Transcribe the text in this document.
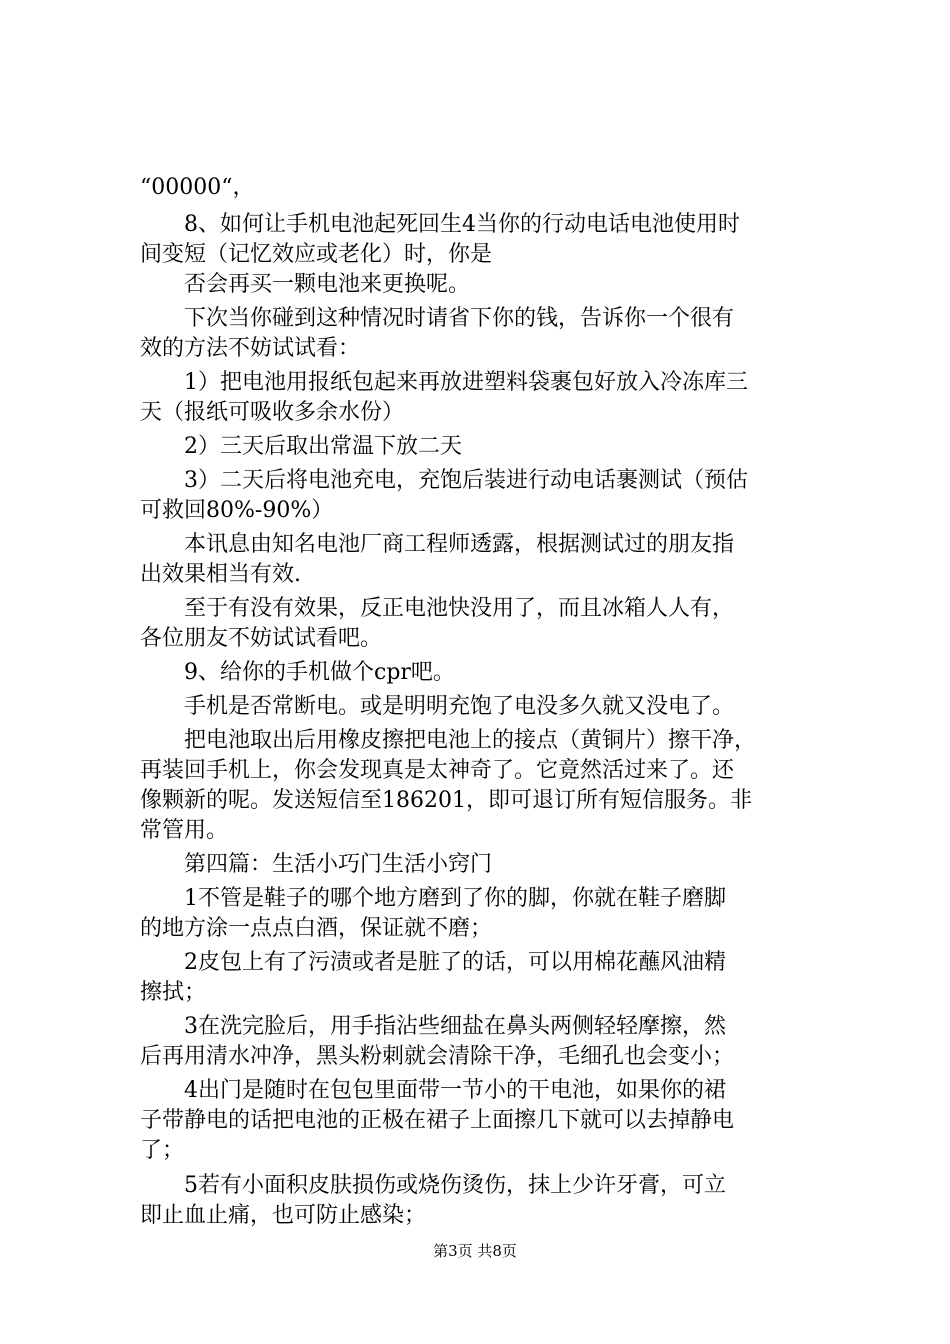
“00000“，

8、如何让手机电池起死回生4当你的行动电话电池使用时

间变短（记忆效应或老化）时，你是

否会再买一颗电池来更换呢。

下次当你碰到这种情况时请省下你的钱，告诉你一个很有

效的方法不妨试试看：

1）把电池用报纸包起来再放进塑料袋裹包好放入冷冻库三

天（报纸可吸收多余水份）

2）三天后取出常温下放二天

3）二天后将电池充电，充饱后装进行动电话裹测试（预估

可救回80%-90%）

本讯息由知名电池厂商工程师透露，根据测试过的朋友指

出效果相当有效.

至于有没有效果，反正电池快没用了，而且冰箱人人有，

各位朋友不妨试试看吧。

9、给你的手机做个cpr吧。

手机是否常断电。或是明明充饱了电没多久就又没电了。

把电池取出后用橡皮擦把电池上的接点（黄铜片）擦干净，

再装回手机上，你会发现真是太神奇了。它竟然活过来了。还

像颗新的呢。发送短信至186201，即可退订所有短信服务。非

常管用。

第四篇：生活小巧门生活小窍门

1不管是鞋子的哪个地方磨到了你的脚，你就在鞋子磨脚

的地方涂一点点白酒，保证就不磨；

2皮包上有了污渍或者是脏了的话，可以用棉花蘸风油精

擦拭；

3在洗完脸后，用手指沾些细盐在鼻头两侧轻轻摩擦，然

后再用清水冲净，黑头粉刺就会清除干净，毛细孔也会变小；

4出门是随时在包包里面带一节小的干电池，如果你的裙

子带静电的话把电池的正极在裙子上面擦几下就可以去掉静电

了；

5若有小面积皮肤损伤或烧伤烫伤，抹上少许牙膏，可立

即止血止痛，也可防止感染；

第3页 共8页
